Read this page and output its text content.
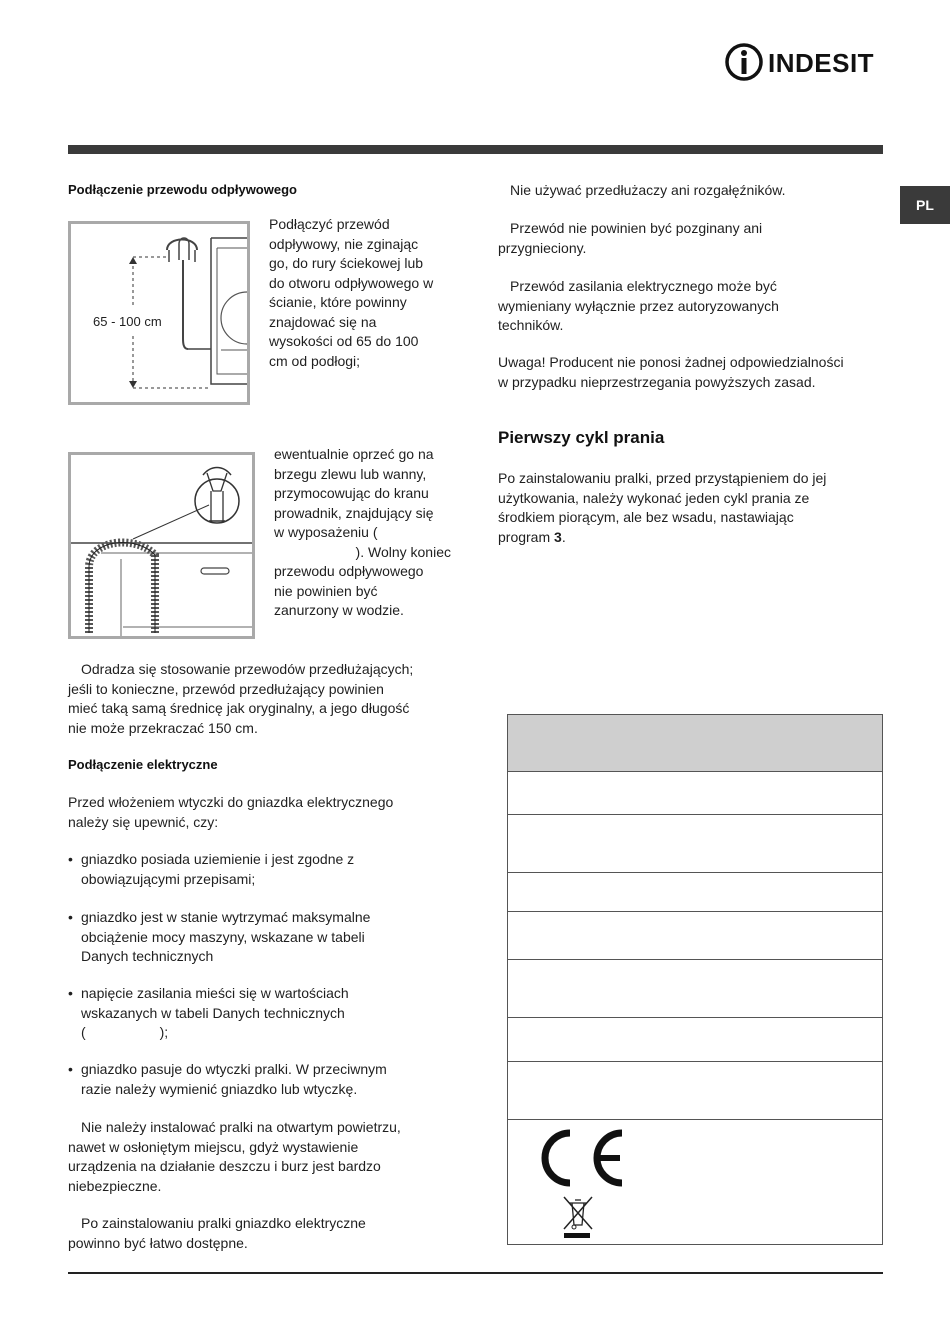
INDESIT
PL
Podłączenie przewodu odpływowego
65 - 100 cm
Podłączyć przewód
odpływowy, nie zginając
go, do rury ściekowej lub
do otworu odpływowego w
ścianie, które powinny
znajdować się na
wysokości od 65 do 100
cm od podłogi;
ewentualnie oprzeć go na
brzegu zlewu lub wanny,
przymocowując do kranu
prowadnik, znajdujący się
w wyposażeniu (
). Wolny koniec
przewodu odpływowego
nie powinien być
zanurzony w wodzie.
Odradza się stosowanie przewodów przedłużających;
jeśli to konieczne, przewód przedłużający powinien
mieć taką samą średnicę jak oryginalny, a jego długość
nie może przekraczać 150 cm.
Podłączenie elektryczne
Przed włożeniem wtyczki do gniazdka elektrycznego
należy się upewnić, czy:
• gniazdko posiada uziemienie i jest zgodne z
obowiązującymi przepisami;
• gniazdko jest w stanie wytrzymać maksymalne
obciążenie mocy maszyny, wskazane w tabeli
Danych technicznych
• napięcie zasilania mieści się w wartościach
wskazanych w tabeli Danych technicznych
(	);
• gniazdko pasuje do wtyczki pralki. W przeciwnym
razie należy wymienić gniazdko lub wtyczkę.
Nie należy instalować pralki na otwartym powietrzu,
nawet w osłoniętym miejscu, gdyż wystawienie
urządzenia na działanie deszczu i burz jest bardzo
niebezpieczne.
Po zainstalowaniu pralki gniazdko elektryczne
powinno być łatwo dostępne.
Nie używać przedłużaczy ani rozgałęźników.
Przewód nie powinien być pozginany ani
przygnieciony.
Przewód zasilania elektrycznego może być
wymieniany wyłącznie przez autoryzowanych
techników.
Uwaga! Producent nie ponosi żadnej odpowiedzialności
w przypadku nieprzestrzegania powyższych zasad.
Pierwszy cykl prania
Po zainstalowaniu pralki, przed przystąpieniem do jej
użytkowania, należy wykonać jeden cykl prania ze
środkiem piorącym, ale bez wsadu, nastawiając
program 3.
